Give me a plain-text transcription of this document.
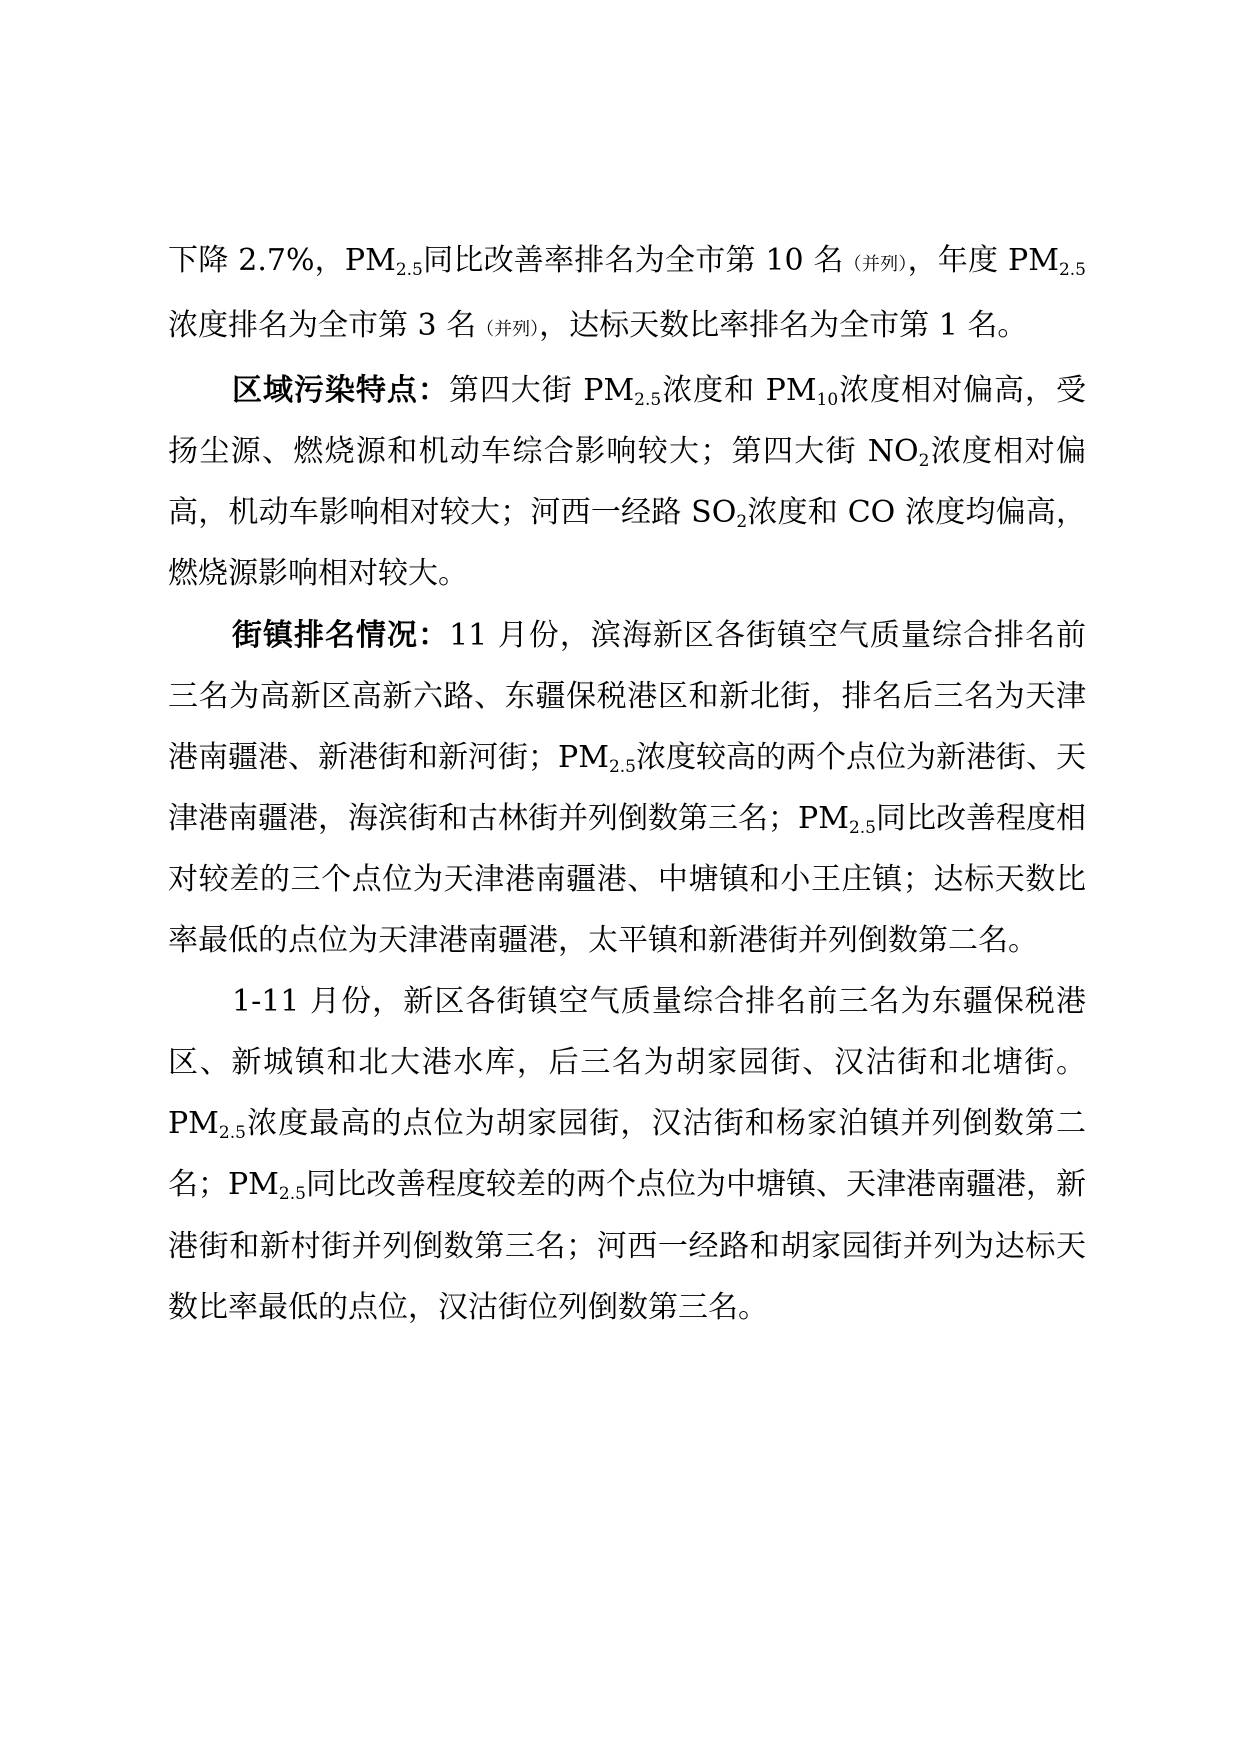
下降 2.7%，$PM_{2.5}$同比改善率排名为全市第 10 名（并列），年度 $PM_{2.5}$浓度排名为全市第 3 名（并列），达标天数比率排名为全市第 1 名。

区域污染特点：第四大街 $PM_{2.5}$浓度和 $PM_{10}$浓度相对偏高，受扬尘源、燃烧源和机动车综合影响较大；第四大街 $NO_2$浓度相对偏高，机动车影响相对较大；河西一经路 $SO_2$浓度和 CO 浓度均偏高，燃烧源影响相对较大。

街镇排名情况：11 月份，滨海新区各街镇空气质量综合排名前三名为高新区高新六路、东疆保税港区和新北街，排名后三名为天津港南疆港、新港街和新河街；$PM_{2.5}$浓度较高的两个点位为新港街、天津港南疆港，海滨街和古林街并列倒数第三名；$PM_{2.5}$同比改善程度相对较差的三个点位为天津港南疆港、中塘镇和小王庄镇；达标天数比率最低的点位为天津港南疆港，太平镇和新港街并列倒数第二名。

1-11 月份，新区各街镇空气质量综合排名前三名为东疆保税港区、新城镇和北大港水库，后三名为胡家园街、汉沽街和北塘街。$PM_{2.5}$浓度最高的点位为胡家园街，汉沽街和杨家泊镇并列倒数第二名；$PM_{2.5}$同比改善程度较差的两个点位为中塘镇、天津港南疆港，新港街和新村街并列倒数第三名；河西一经路和胡家园街并列为达标天数比率最低的点位，汉沽街位列倒数第三名。
